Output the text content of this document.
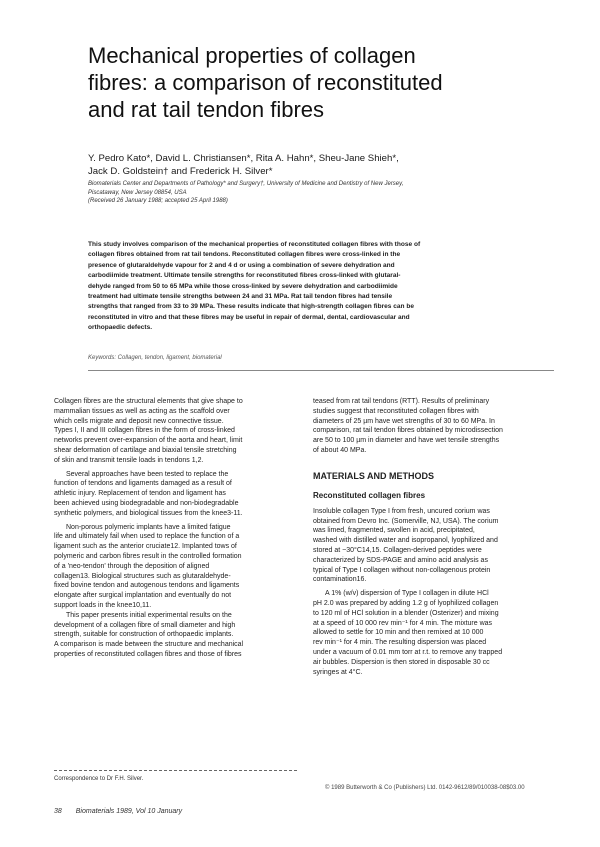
Mechanical properties of collagen
fibres: a comparison of reconstituted
and rat tail tendon fibres
Y. Pedro Kato*, David L. Christiansen*, Rita A. Hahn*, Sheu-Jane Shieh*,
Jack D. Goldstein† and Frederick H. Silver*
Biomaterials Center and Departments of Pathology* and Surgery†, University of Medicine and Dentistry of New Jersey,
Piscataway, New Jersey 08854, USA
(Received 26 January 1988; accepted 25 April 1988)
This study involves comparison of the mechanical properties of reconstituted collagen fibres with those of
collagen fibres obtained from rat tail tendons. Reconstituted collagen fibres were cross-linked in the
presence of glutaraldehyde vapour for 2 and 4 d or using a combination of severe dehydration and
carbodiimide treatment. Ultimate tensile strengths for reconstituted fibres cross-linked with glutaral-
dehyde ranged from 50 to 65 MPa while those cross-linked by severe dehydration and carbodiimide
treatment had ultimate tensile strengths between 24 and 31 MPa. Rat tail tendon fibres had tensile
strengths that ranged from 33 to 39 MPa. These results indicate that high-strength collagen fibres can be
reconstituted in vitro and that these fibres may be useful in repair of dermal, dental, cardiovascular and
orthopaedic defects.
Keywords: Collagen, tendon, ligament, biomaterial
Collagen fibres are the structural elements that give shape to
mammalian tissues as well as acting as the scaffold over
which cells migrate and deposit new connective tissue.
Types I, II and III collagen fibres in the form of cross-linked
networks prevent over-expansion of the aorta and heart, limit
shear deformation of cartilage and biaxial tensile stretching
of skin and transmit tensile loads in tendons 1,2.
Several approaches have been tested to replace the
function of tendons and ligaments damaged as a result of
athletic injury. Replacement of tendon and ligament has
been achieved using biodegradable and non-biodegradable
synthetic polymers, and biological tissues from the knee3-11.
Non-porous polymeric implants have a limited fatigue
life and ultimately fail when used to replace the function of a
ligament such as the anterior cruciate12. Implanted tows of
polymeric and carbon fibres result in the controlled formation
of a 'neo-tendon' through the deposition of aligned
collagen13. Biological structures such as glutaraldehyde-
fixed bovine tendon and autogenous tendons and ligaments
elongate after surgical implantation and eventually do not
support loads in the knee10,11.
This paper presents initial experimental results on the
development of a collagen fibre of small diameter and high
strength, suitable for construction of orthopaedic implants.
A comparison is made between the structure and mechanical
properties of reconstituted collagen fibres and those of fibres
teased from rat tail tendons (RTT). Results of preliminary
studies suggest that reconstituted collagen fibres with
diameters of 25 µm have wet strengths of 30 to 60 MPa. In
comparison, rat tail tendon fibres obtained by microdissection
are 50 to 100 µm in diameter and have wet tensile strengths
of about 40 MPa.
MATERIALS AND METHODS
Reconstituted collagen fibres
Insoluble collagen Type I from fresh, uncured corium was
obtained from Devro Inc. (Somerville, NJ, USA). The corium
was limed, fragmented, swollen in acid, precipitated,
washed with distilled water and isopropanol, lyophilized and
stored at −30°C14,15. Collagen-derived peptides were
characterized by SDS-PAGE and amino acid analysis as
typical of Type I collagen without non-collagenous protein
contamination16.
A 1% (w/v) dispersion of Type I collagen in dilute HCl
pH 2.0 was prepared by adding 1.2 g of lyophilized collagen
to 120 ml of HCl solution in a blender (Osterizer) and mixing
at a speed of 10 000 rev min⁻¹ for 4 min. The mixture was
allowed to settle for 10 min and then remixed at 10 000
rev min⁻¹ for 4 min. The resulting dispersion was placed
under a vacuum of 0.01 mm torr at r.t. to remove any trapped
air bubbles. Dispersion is then stored in disposable 30 cc
syringes at 4°C.
Correspondence to Dr F.H. Silver.
© 1989 Butterworth & Co (Publishers) Ltd. 0142-9612/89/010038-08$03.00
38 Biomaterials 1989, Vol 10 January
